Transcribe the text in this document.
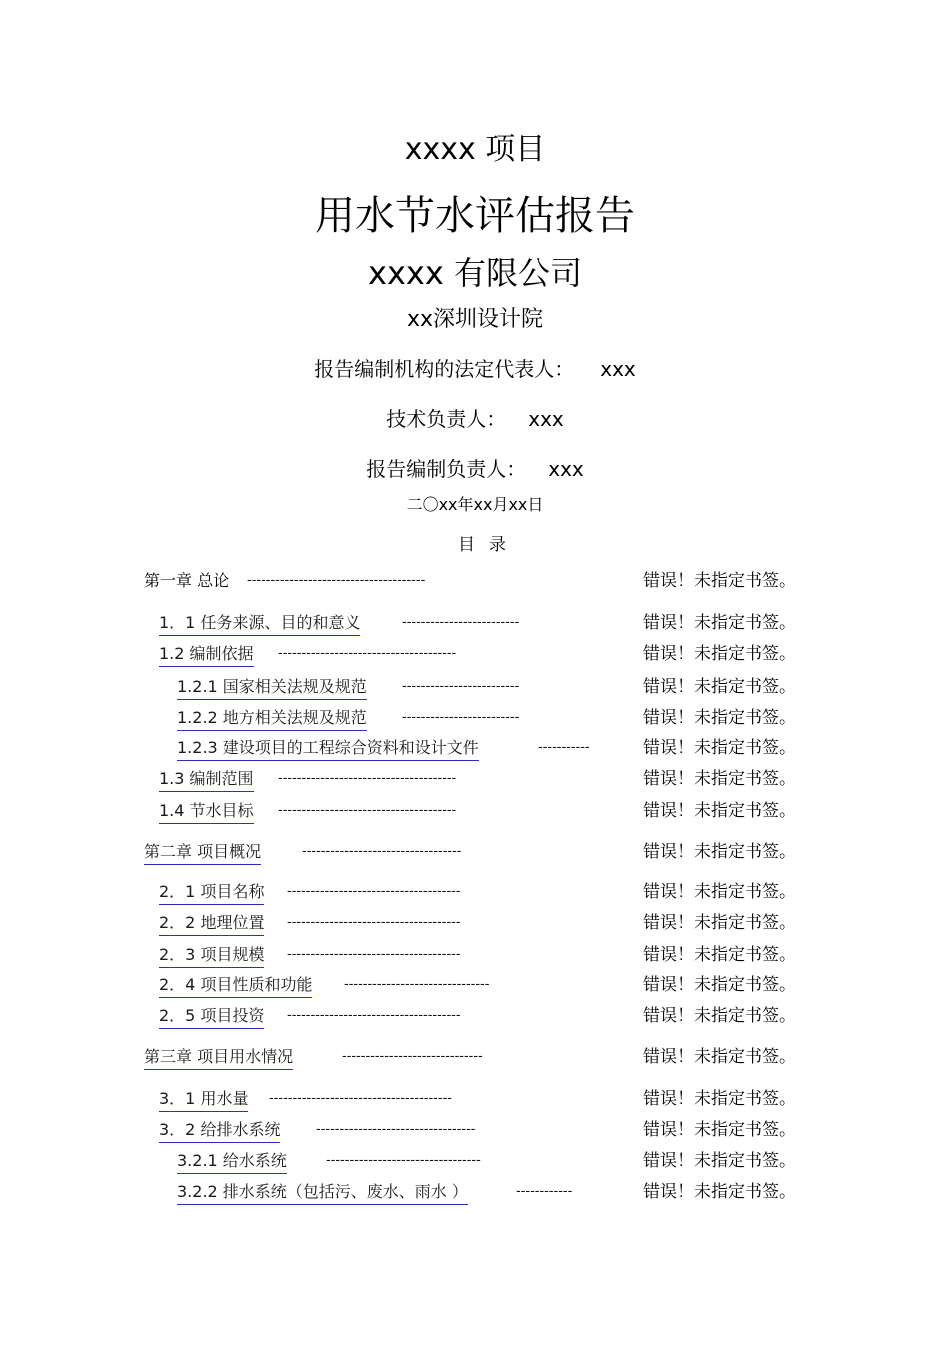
xxxx 项目
用水节水评估报告
xxxx 有限公司
xx深圳设计院
报告编制机构的法定代表人： xxx
技术负责人： xxx
报告编制负责人： xxx
二〇xx年xx月xx日
目录
第一章 总论 --------------------------------------	错误！未指定书签。
1．1 任务来源、目的和意义	-------------------------	错误！未指定书签。
1.2 编制依据 --------------------------------------	错误！未指定书签。
1.2.1 国家相关法规及规范	-------------------------	错误！未指定书签。
1.2.2 地方相关法规及规范	-------------------------	错误！未指定书签。
1.2.3 建设项目的工程综合资料和设计文件	-----------	错误！未指定书签。
1.3 编制范围 --------------------------------------	错误！未指定书签。
1.4 节水目标 --------------------------------------	错误！未指定书签。
第二章 项目概况	----------------------------------	错误！未指定书签。
2．1 项目名称 -------------------------------------	错误！未指定书签。
2．2 地理位置 -------------------------------------	错误！未指定书签。
2．3 项目规模 -------------------------------------	错误！未指定书签。
2．4 项目性质和功能 -------------------------------	错误！未指定书签。
2．5 项目投资 -------------------------------------	错误！未指定书签。
第三章 项目用水情况	------------------------------	错误！未指定书签。
3．1 用水量 ---------------------------------------	错误！未指定书签。
3．2 给排水系统	----------------------------------	错误！未指定书签。
3.2.1 给水系统	---------------------------------	错误！未指定书签。
3.2.2 排水系统（包括污、废水、雨水 ）	------------	错误！未指定书签。
